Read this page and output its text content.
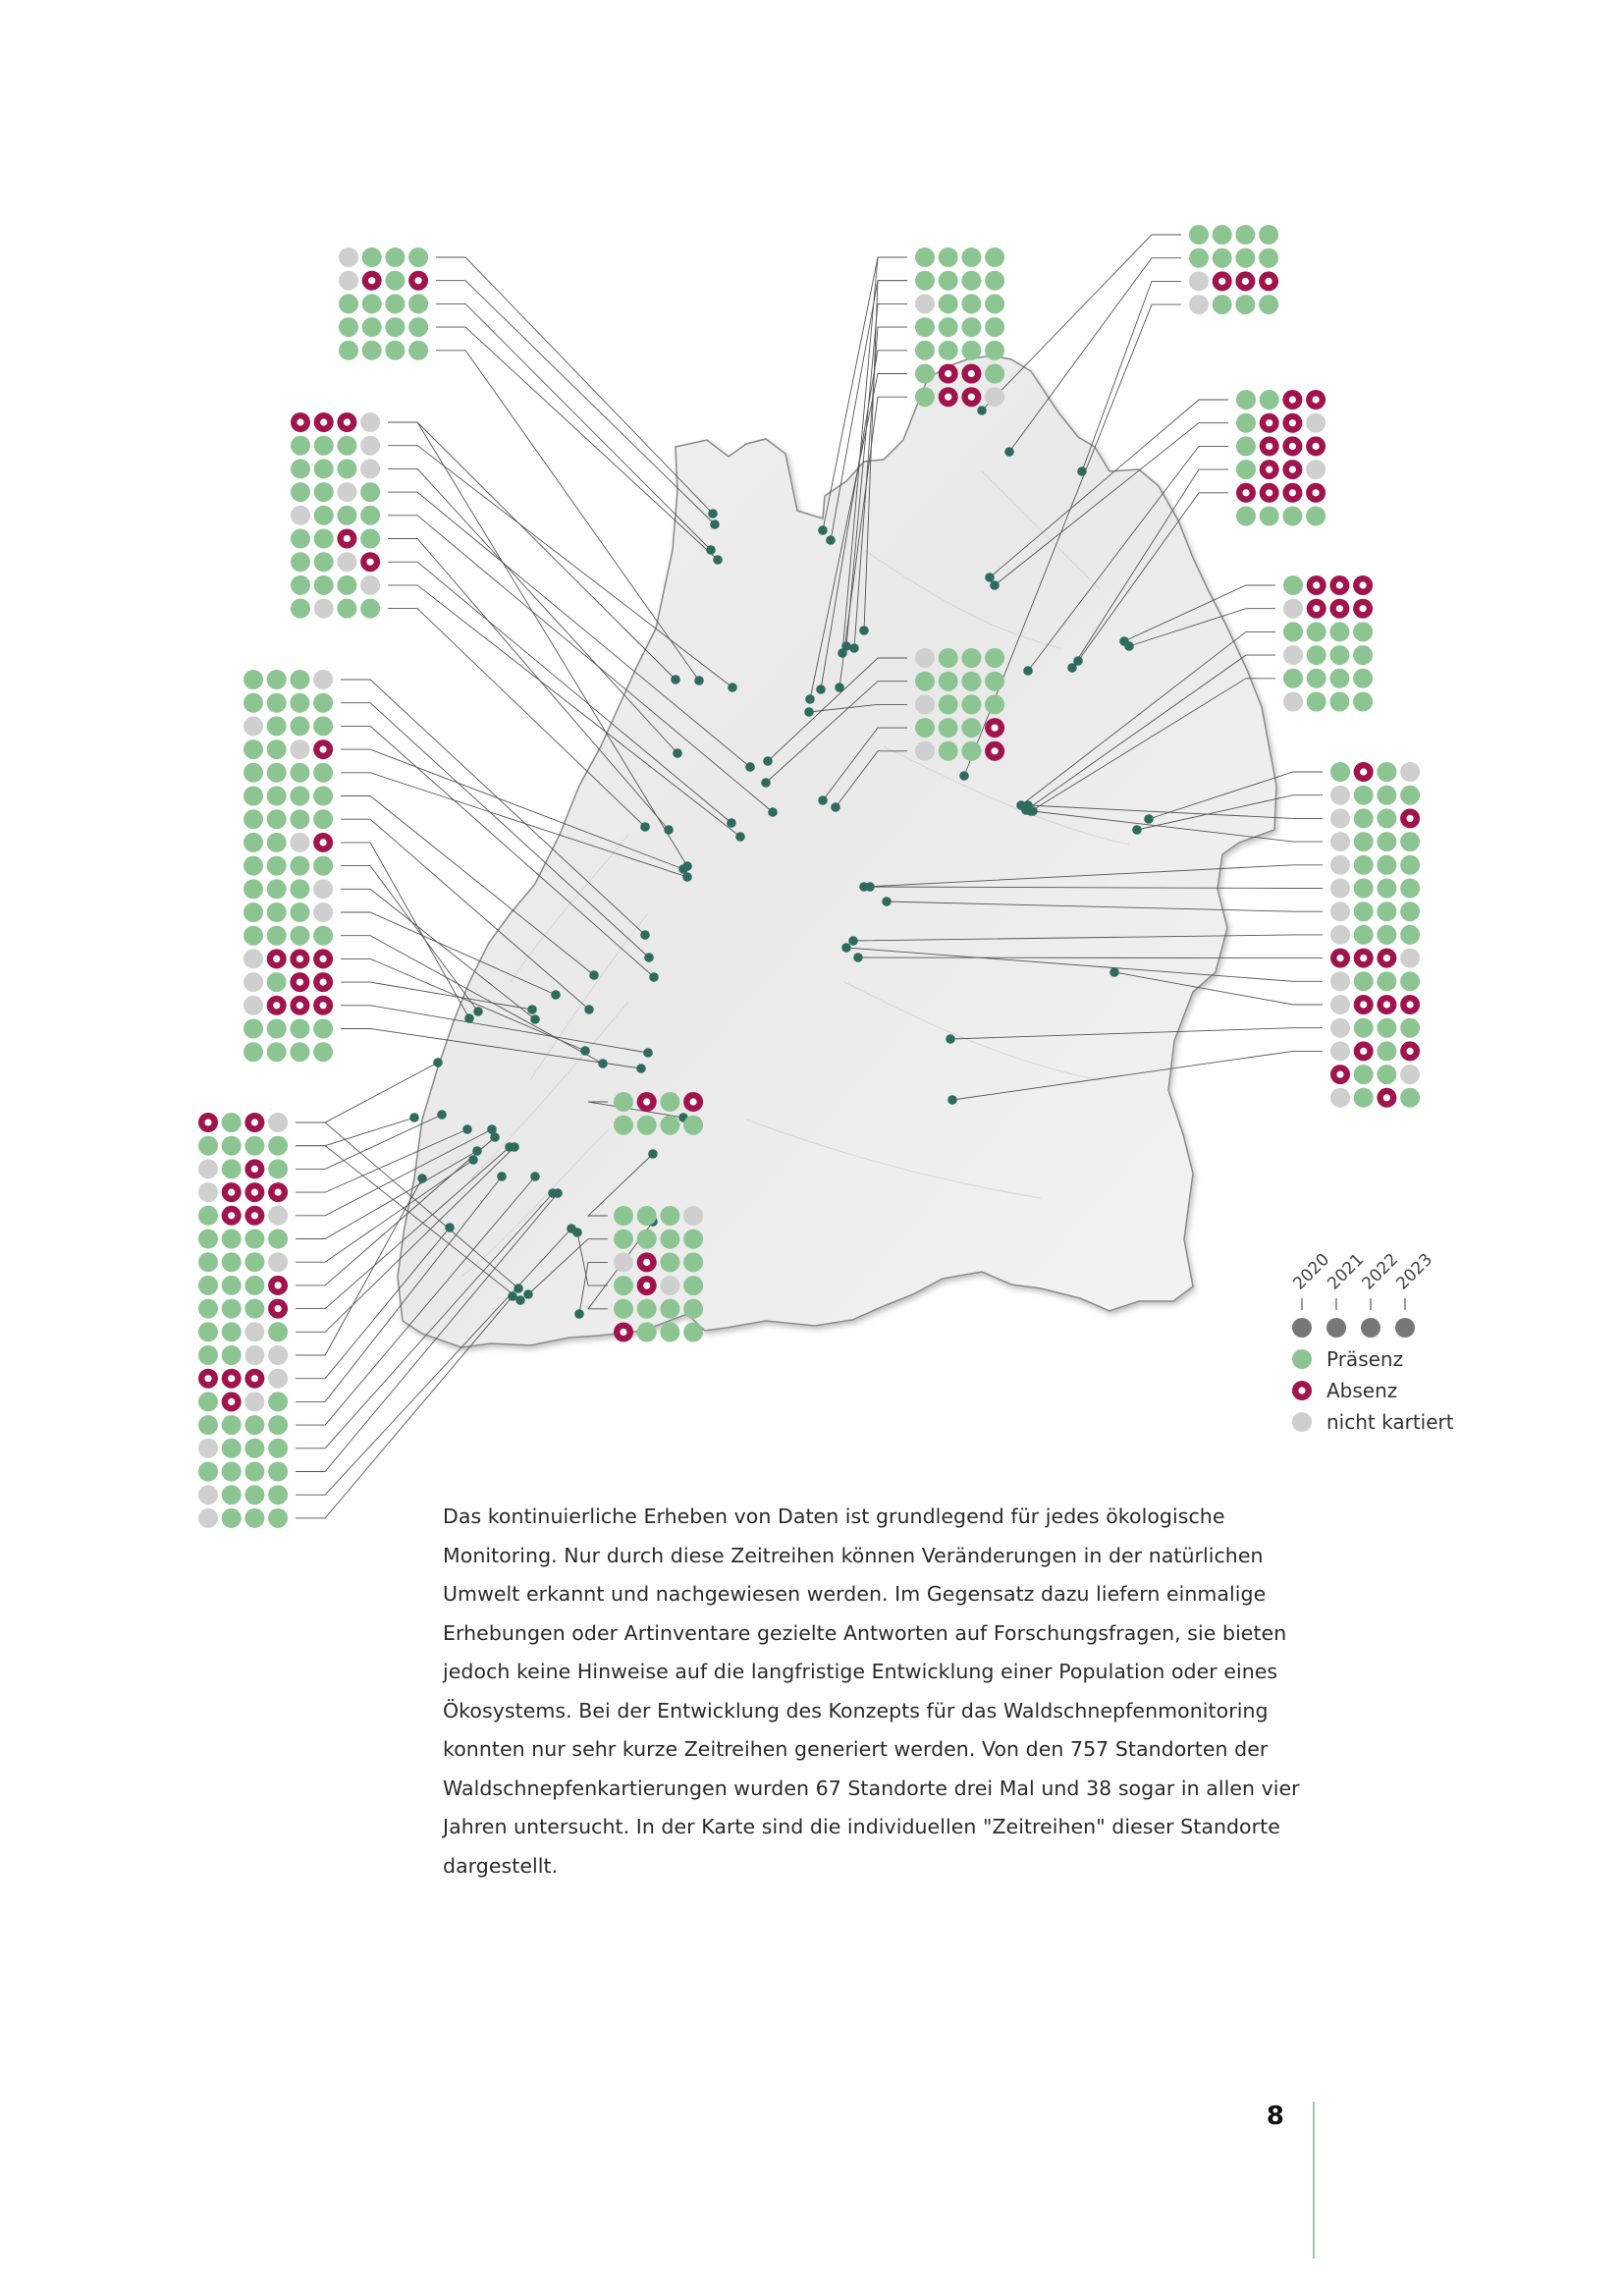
2020
2021
2022
2023
Präsenz
Absenz
nicht kartiert
Das kontinuierliche Erheben von Daten ist grundlegend für jedes ökologische
Monitoring. Nur durch diese Zeitreihen können Veränderungen in der natürlichen
Umwelt erkannt und nachgewiesen werden. Im Gegensatz dazu liefern einmalige
Erhebungen oder Artinventare gezielte Antworten auf Forschungsfragen, sie bieten
jedoch keine Hinweise auf die langfristige Entwicklung einer Population oder eines
Ökosystems. Bei der Entwicklung des Konzepts für das Waldschnepfenmonitoring
konnten nur sehr kurze Zeitreihen generiert werden. Von den 757 Standorten der
Waldschnepfenkartierungen wurden 67 Standorte drei Mal und 38 sogar in allen vier
Jahren untersucht. In der Karte sind die individuellen "Zeitreihen" dieser Standorte
dargestellt.
8
